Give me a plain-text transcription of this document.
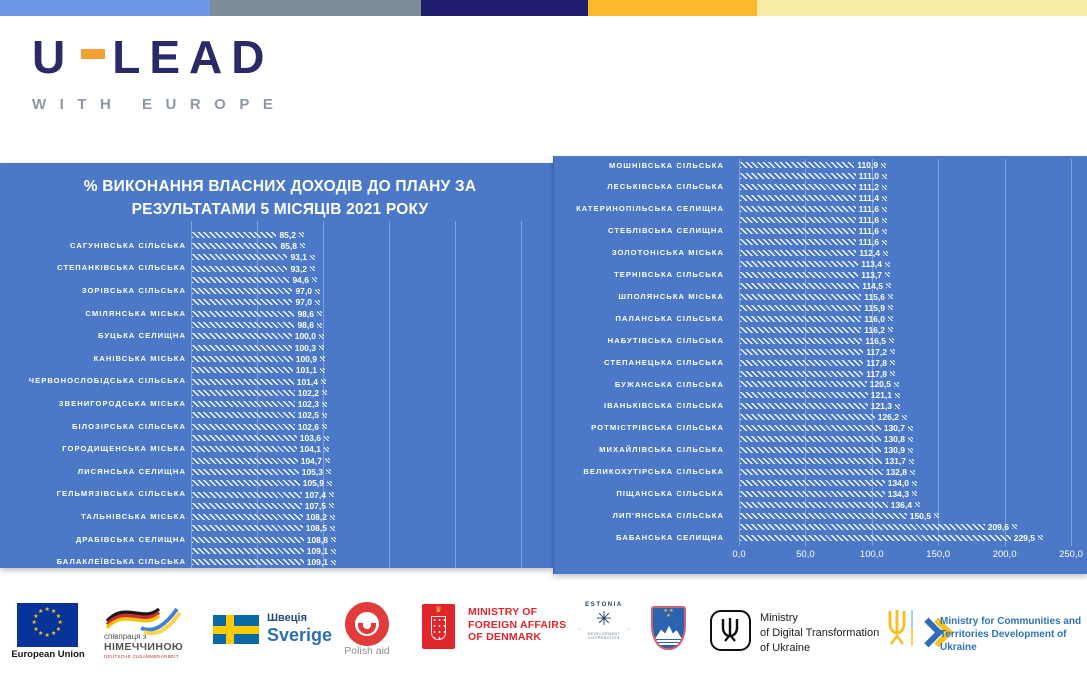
U LEAD
WITH EUROPE
% ВИКОНАННЯ ВЛАСНИХ ДОХОДІВ ДО ПЛАНУ ЗА
РЕЗУЛЬТАТАМИ 5 МІСЯЦІВ 2021 РОКУ
85,2
САГУНІВСЬКА СІЛЬСЬКА	85,8
93,1
СТЕПАНКІВСЬКА СІЛЬСЬКА	93,2
94,6
ЗОРІВСЬКА СІЛЬСЬКА	97,0
97,0
СМІЛЯНСЬКА МІСЬКА	98,6
98,6
БУЦЬКА СЕЛИЩНА	100,0
100,3
КАНІВСЬКА МІСЬКА	100,9
101,1
ЧЕРВОНОСЛОБІДСЬКА СІЛЬСЬКА	101,4
102,2
ЗВЕНИГОРОДСЬКА МІСЬКА	102,3
102,5
БІЛОЗІРСЬКА СІЛЬСЬКА	102,6
103,6
ГОРОДИЩЕНСЬКА МІСЬКА	104,1
104,7
ЛИСЯНСЬКА СЕЛИЩНА	105,3
105,9
ГЕЛЬМЯЗІВСЬКА СІЛЬСЬКА	107,4
107,5
ТАЛЬНІВСЬКА МІСЬКА	108,2
108,5
ДРАБІВСЬКА СЕЛИЩНА	108,8
109,1
БАЛАКЛЕЇВСЬКА СІЛЬСЬКА	109,1
МОШНІВСЬКА СІЛЬСЬКА	110,9
111,0
ЛЕСЬКІВСЬКА СІЛЬСЬКА	111,2
111,4
КАТЕРИНОПІЛЬСЬКА СЕЛИЩНА	111,6
111,6
СТЕБЛІВСЬКА СЕЛИЩНА	111,6
111,6
ЗОЛОТОНІСЬКА МІСЬКА	112,4
113,4
ТЕРНІВСЬКА СІЛЬСЬКА	113,7
114,5
ШПОЛЯНСЬКА МІСЬКА	115,6
115,9
ПАЛАНСЬКА СІЛЬСЬКА	116,0
116,2
НАБУТІВСЬКА СІЛЬСЬКА	116,5
117,2
СТЕПАНЕЦЬКА СІЛЬСЬКА	117,8
117,8
БУЖАНСЬКА СІЛЬСЬКА	120,5
121,1
ІВАНЬКІВСЬКА СІЛЬСЬКА	121,3
126,2
РОТМІСТРІВСЬКА СІЛЬСЬКА	130,7
130,8
МИХАЙЛІВСЬКА СІЛЬСЬКА	130,9
131,7
ВЕЛИКОХУТІРСЬКА СІЛЬСЬКА	132,8
134,0
ПІЩАНСЬКА СІЛЬСЬКА	134,3
136,4
ЛИП'ЯНСЬКА СІЛЬСЬКА	150,5
209,6
БАБАНСЬКА СЕЛИЩНА	229,5
0,0	50,0	100,0	150,0	200,0	250,0
★ ★
★
★
★
★
★
★
★
★
★
★
European Union
співпраця з
НІМЕЧЧИНОЮ
DEUTSCHE ZUSAMMENARBEIT
Швеція
Sverige
Polish aid
♛	MINISTRY OF
FOREIGN AFFAIRS
OF DENMARK
ESTONIA
✳
·	·
DEVELOPMENT COOPERATION
★ ★
★	Ministry
of Digital Transformation
of Ukraine
Ministry for Communities and
Territories Development of Ukraine
